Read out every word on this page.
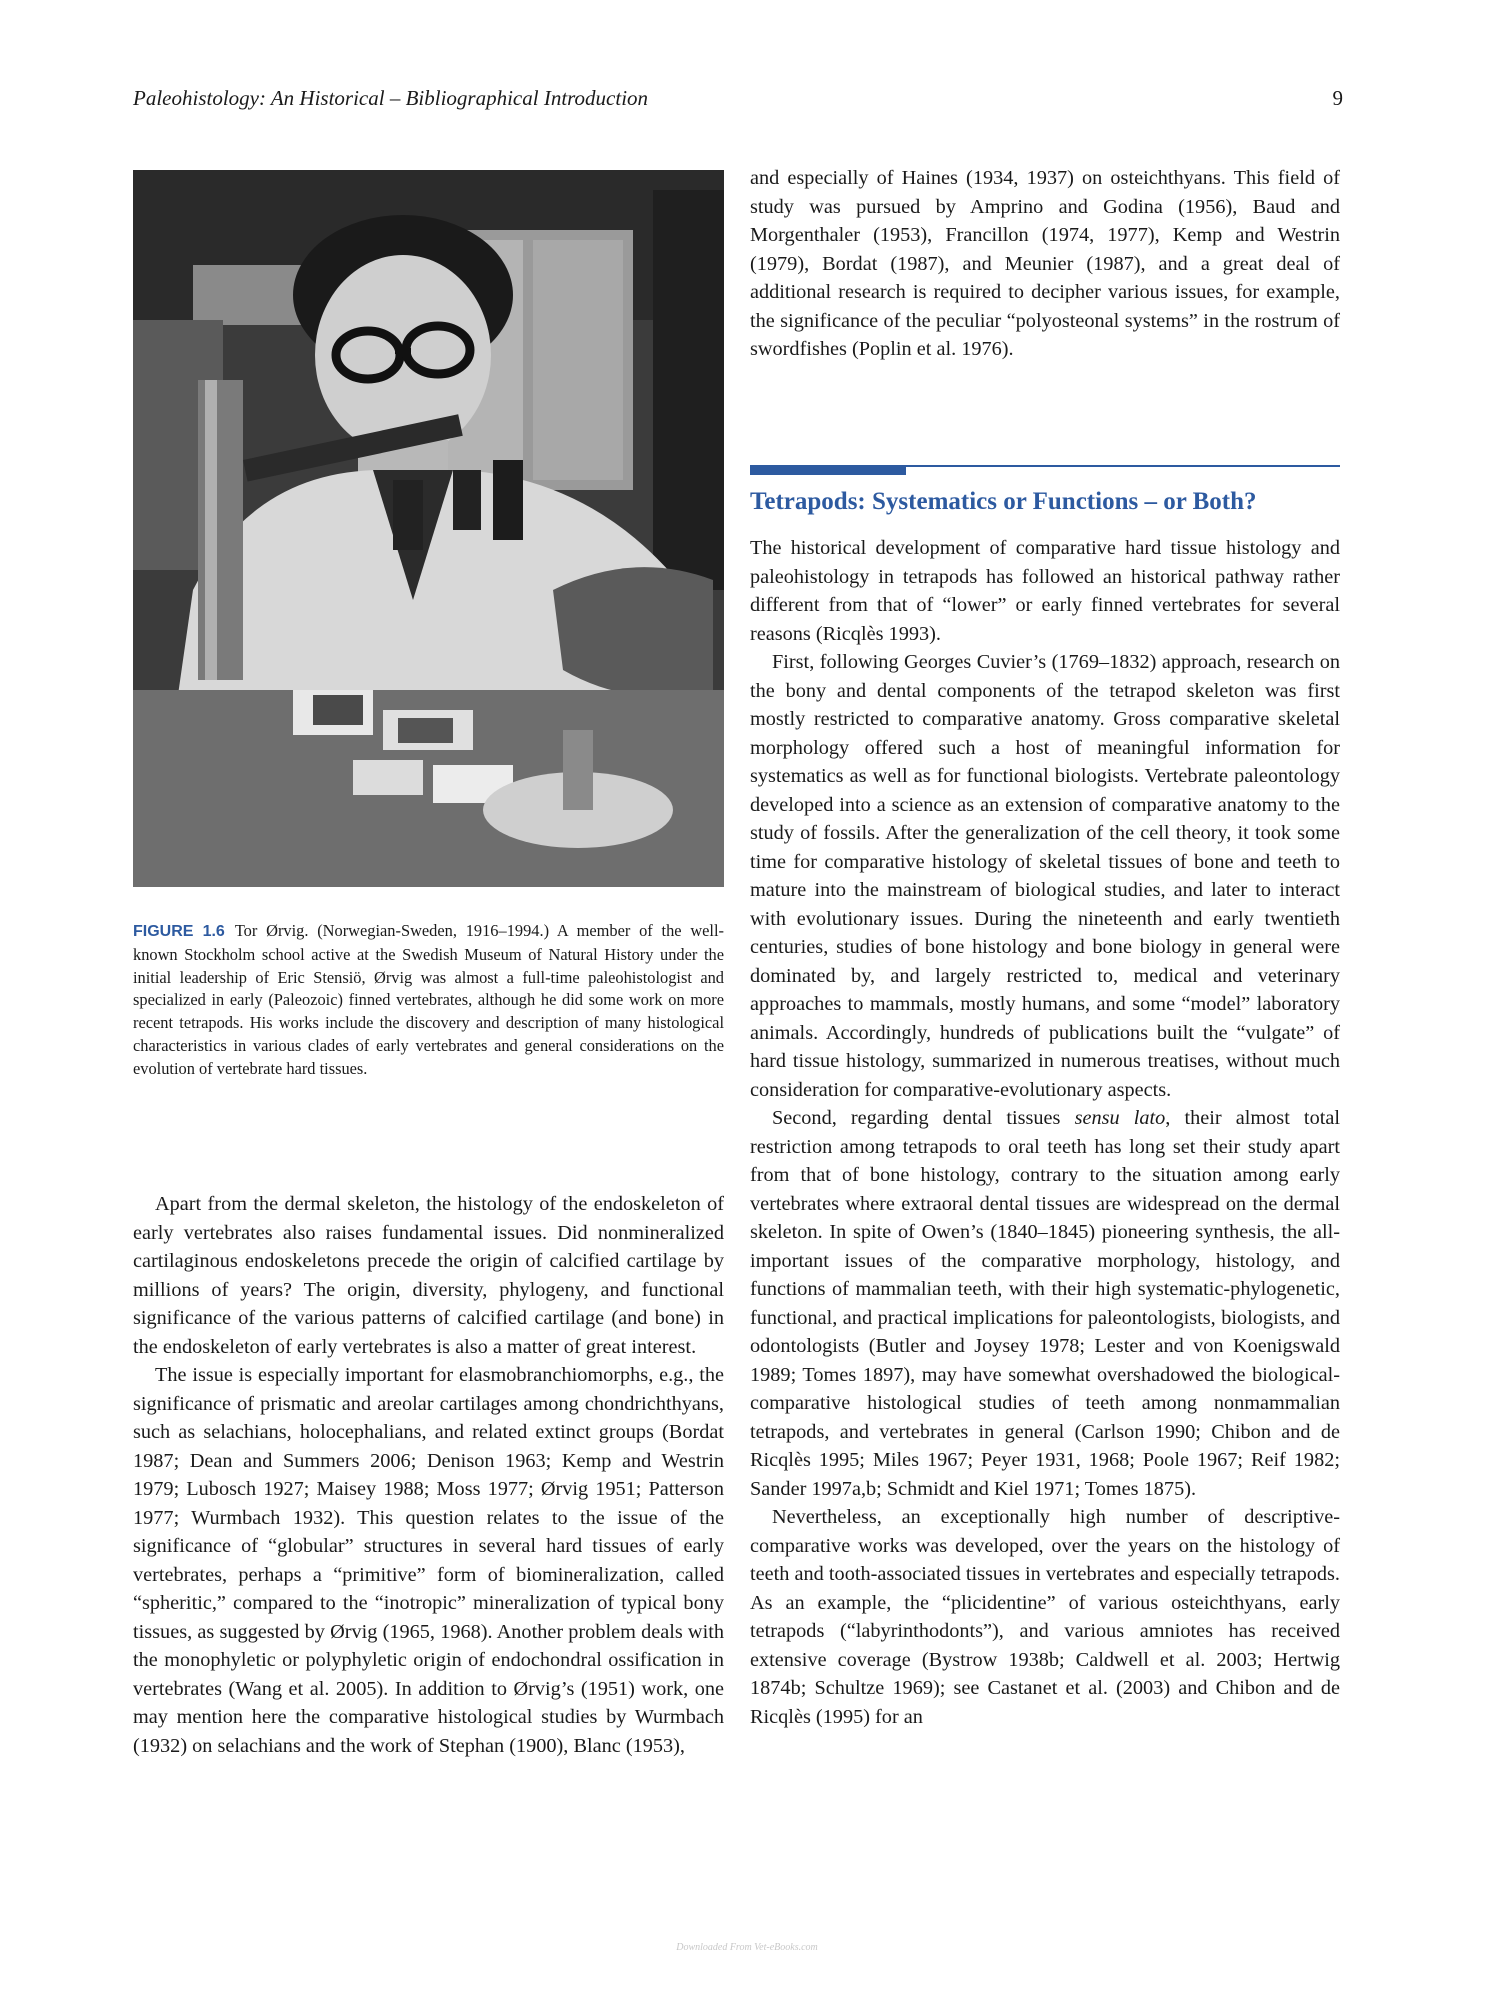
Paleohistology: An Historical – Bibliographical Introduction	9
FIGURE 1.6 Tor Ørvig. (Norwegian-Sweden, 1916–1994.) A member of the well-known Stockholm school active at the Swedish Museum of Natural History under the initial leadership of Eric Stensiö, Ørvig was almost a full-time paleohistologist and specialized in early (Paleozoic) finned vertebrates, although he did some work on more recent tetrapods. His works include the discovery and description of many histological characteristics in various clades of early vertebrates and general considerations on the evolution of vertebrate hard tissues.

Apart from the dermal skeleton, the histology of the endoskeleton of early vertebrates also raises fundamental issues. Did nonmineralized cartilaginous endoskeletons precede the origin of calcified cartilage by millions of years? The origin, diversity, phylogeny, and functional significance of the various patterns of calcified cartilage (and bone) in the endoskeleton of early vertebrates is also a matter of great interest.

The issue is especially important for elasmobranchiomorphs, e.g., the significance of prismatic and areolar cartilages among chondrichthyans, such as selachians, holocephalians, and related extinct groups (Bordat 1987; Dean and Summers 2006; Denison 1963; Kemp and Westrin 1979; Lubosch 1927; Maisey 1988; Moss 1977; Ørvig 1951; Patterson 1977; Wurmbach 1932). This question relates to the issue of the significance of “globular” structures in several hard tissues of early vertebrates, perhaps a “primitive” form of biomineralization, called “spheritic,” compared to the “inotropic” mineralization of typical bony tissues, as suggested by Ørvig (1965, 1968). Another problem deals with the monophyletic or polyphyletic origin of endochondral ossification in vertebrates (Wang et al. 2005). In addition to Ørvig’s (1951) work, one may mention here the comparative histological studies by Wurmbach (1932) on selachians and the work of Stephan (1900), Blanc (1953),

and especially of Haines (1934, 1937) on osteichthyans. This field of study was pursued by Amprino and Godina (1956), Baud and Morgenthaler (1953), Francillon (1974, 1977), Kemp and Westrin (1979), Bordat (1987), and Meunier (1987), and a great deal of additional research is required to decipher various issues, for example, the significance of the peculiar “polyosteonal systems” in the rostrum of swordfishes (Poplin et al. 1976).

Tetrapods: Systematics or Functions – or Both?

The historical development of comparative hard tissue histology and paleohistology in tetrapods has followed an historical pathway rather different from that of “lower” or early finned vertebrates for several reasons (Ricqlès 1993).

First, following Georges Cuvier’s (1769–1832) approach, research on the bony and dental components of the tetrapod skeleton was first mostly restricted to comparative anatomy. Gross comparative skeletal morphology offered such a host of meaningful information for systematics as well as for functional biologists. Vertebrate paleontology developed into a science as an extension of comparative anatomy to the study of fossils. After the generalization of the cell theory, it took some time for comparative histology of skeletal tissues of bone and teeth to mature into the mainstream of biological studies, and later to interact with evolutionary issues. During the nineteenth and early twentieth centuries, studies of bone histology and bone biology in general were dominated by, and largely restricted to, medical and veterinary approaches to mammals, mostly humans, and some “model” laboratory animals. Accordingly, hundreds of publications built the “vulgate” of hard tissue histology, summarized in numerous treatises, without much consideration for comparative-evolutionary aspects.

Second, regarding dental tissues sensu lato, their almost total restriction among tetrapods to oral teeth has long set their study apart from that of bone histology, contrary to the situation among early vertebrates where extraoral dental tissues are widespread on the dermal skeleton. In spite of Owen’s (1840–1845) pioneering synthesis, the all-important issues of the comparative morphology, histology, and functions of mammalian teeth, with their high systematic-phylogenetic, functional, and practical implications for paleontologists, biologists, and odontologists (Butler and Joysey 1978; Lester and von Koenigswald 1989; Tomes 1897), may have somewhat overshadowed the biological-comparative histological studies of teeth among nonmammalian tetrapods, and vertebrates in general (Carlson 1990; Chibon and de Ricqlès 1995; Miles 1967; Peyer 1931, 1968; Poole 1967; Reif 1982; Sander 1997a,b; Schmidt and Kiel 1971; Tomes 1875).

Nevertheless, an exceptionally high number of descriptive-comparative works was developed, over the years on the histology of teeth and tooth-associated tissues in vertebrates and especially tetrapods. As an example, the “plicidentine” of various osteichthyans, early tetrapods (“labyrinthodonts”), and various amniotes has received extensive coverage (Bystrow 1938b; Caldwell et al. 2003; Hertwig 1874b; Schultze 1969); see Castanet et al. (2003) and Chibon and de Ricqlès (1995) for an

Downloaded From Vet-eBooks.com
